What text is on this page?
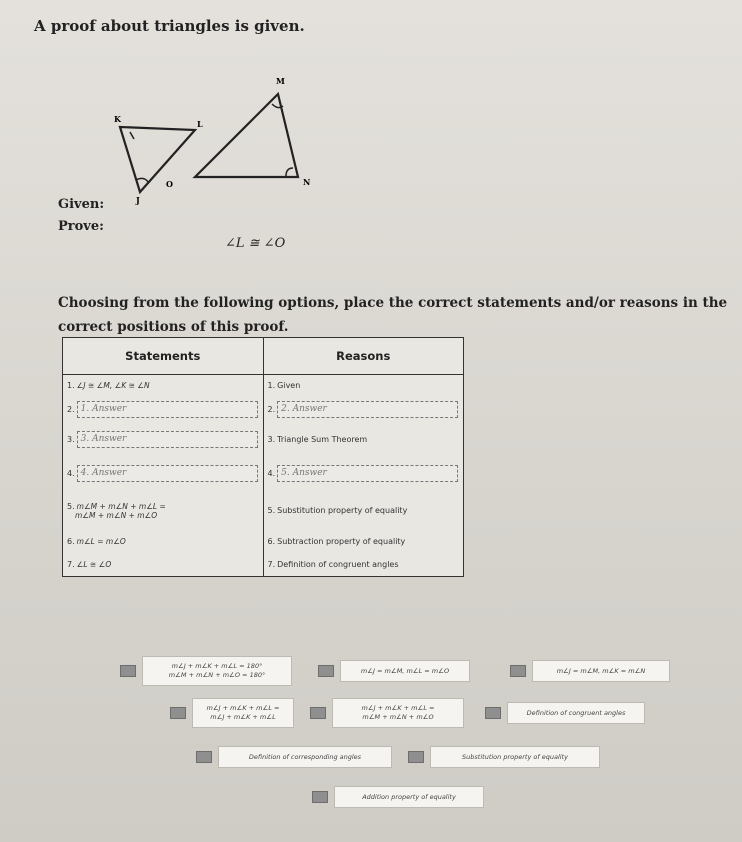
A proof about triangles is given.
K	L
J
O
M
N
Given:
Prove:
∠L ≅ ∠O
Choosing from the following options, place the correct statements and/or reasons in the correct positions of this proof.
Statements	Reasons
1. ∠J ≅ ∠M, ∠K ≅ ∠N	1. Given
2. 1. Answer	2. 2. Answer
3. 3. Answer	3. Triangle Sum Theorem
4. 4. Answer	4. 5. Answer
5. m∠M + m∠N + m∠L =
m∠M + m∠N + m∠O	5. Substitution property of equality
6. m∠L = m∠O	6. Subtraction property of equality
7. ∠L ≅ ∠O	7. Definition of congruent angles
m∠J + m∠K + m∠L = 180°
m∠M + m∠N + m∠O = 180°
m∠J = m∠M, m∠L = m∠O	m∠J = m∠M, m∠K = m∠N
m∠J + m∠K + m∠L =
m∠J + m∠K + m∠L
m∠J + m∠K + m∠L =
m∠M + m∠N + m∠O
Definition of congruent angles
Definition of corresponding angles	Substitution property of equality
Addition property of equality
